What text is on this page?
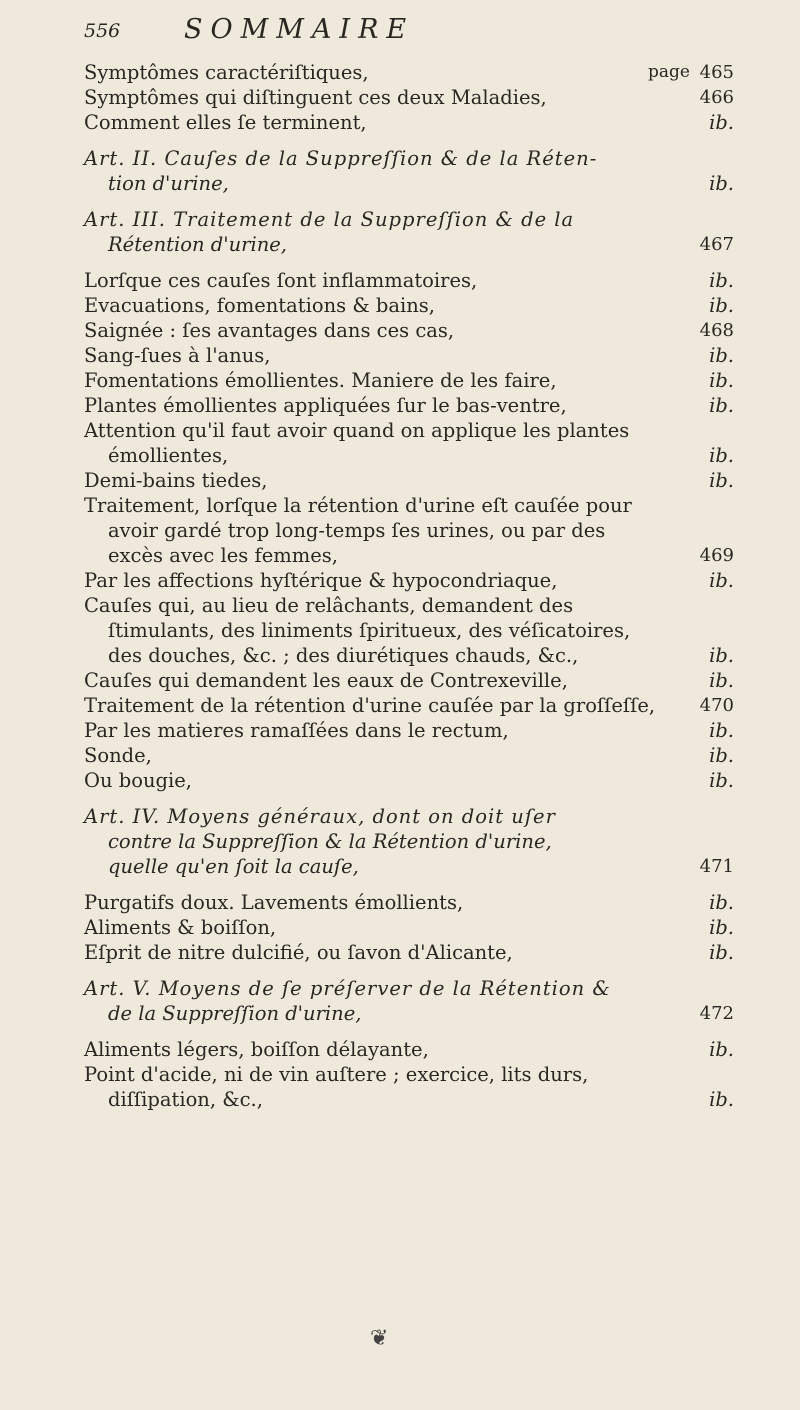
556 SOMMAIRE
Symptômes caractériſtiques,	page 465
Symptômes qui diſtinguent ces deux Maladies,	466
Comment elles ſe terminent,	ib.
Art. II. Cauſes de la Suppreſſion & de la Réten-
tion d'urine,	ib.
Art. III. Traitement de la Suppreſſion & de la
Rétention d'urine,	467
Lorſque ces cauſes ſont inflammatoires,	ib.
Evacuations, fomentations & bains,	ib.
Saignée : ſes avantages dans ces cas,	468
Sang-ſues à l'anus,	ib.
Fomentations émollientes. Maniere de les faire,	ib.
Plantes émollientes appliquées ſur le bas-ventre,	ib.
Attention qu'il faut avoir quand on applique les plantes
émollientes,	ib.
Demi-bains tiedes,	ib.
Traitement, lorſque la rétention d'urine eſt cauſée pour
avoir gardé trop long-temps ſes urines, ou par des
excès avec les femmes,	469
Par les affections hyſtérique & hypocondriaque,	ib.
Cauſes qui, au lieu de relâchants, demandent des
ſtimulants, des liniments ſpiritueux, des véſicatoires,
des douches, &c. ; des diurétiques chauds, &c.,	ib.
Cauſes qui demandent les eaux de Contrexeville,	ib.
Traitement de la rétention d'urine cauſée par la groſſeſſe, 470
Par les matieres ramaſſées dans le rectum,	ib.
Sonde,	ib.
Ou bougie,	ib.
Art. IV. Moyens généraux, dont on doit uſer
contre la Suppreſſion & la Rétention d'urine,
quelle qu'en ſoit la cauſe,	471
Purgatifs doux. Lavements émollients,	ib.
Aliments & boiſſon,	ib.
Eſprit de nitre dulcifié, ou ſavon d'Alicante,	ib.
Art. V. Moyens de ſe préſerver de la Rétention &
de la Suppreſſion d'urine,	472
Aliments légers, boiſſon délayante,	ib.
Point d'acide, ni de vin auſtere ; exercice, lits durs,
diſſipation, &c.,	ib.
❦
